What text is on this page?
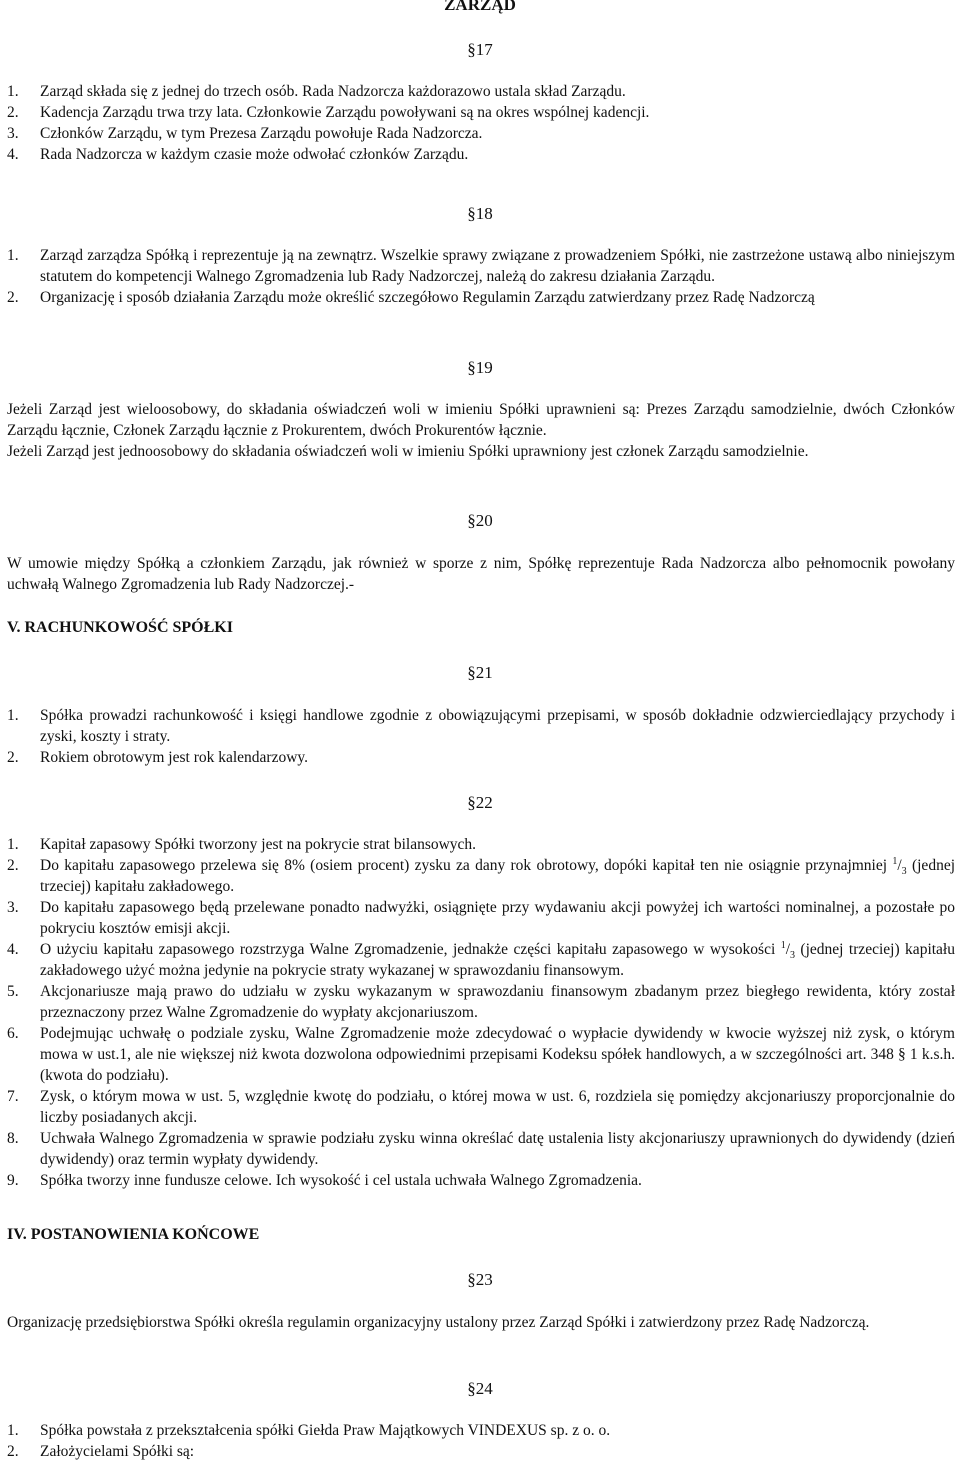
ZARZĄD
§17
1. Zarząd składa się z jednej do trzech osób. Rada Nadzorcza każdorazowo ustala skład Zarządu.
2. Kadencja Zarządu trwa trzy lata. Członkowie Zarządu powoływani są na okres wspólnej kadencji.
3. Członków Zarządu, w tym Prezesa Zarządu powołuje Rada Nadzorcza.
4. Rada Nadzorcza w każdym czasie może odwołać członków Zarządu.
§18
1. Zarząd zarządza Spółką i reprezentuje ją na zewnątrz. Wszelkie sprawy związane z prowadzeniem Spółki, nie zastrzeżone ustawą albo niniejszym statutem do kompetencji Walnego Zgromadzenia lub Rady Nadzorczej, należą do zakresu działania Zarządu.
2. Organizację i sposób działania Zarządu może określić szczegółowo Regulamin Zarządu zatwierdzany przez Radę Nadzorczą
§19
Jeżeli Zarząd jest wieloosobowy, do składania oświadczeń woli w imieniu Spółki uprawnieni są: Prezes Zarządu samodzielnie, dwóch Członków Zarządu łącznie, Członek Zarządu łącznie z Prokurentem, dwóch Prokurentów łącznie.
Jeżeli Zarząd jest jednoosobowy do składania oświadczeń woli w imieniu Spółki uprawniony jest członek Zarządu samodzielnie.
§20
W umowie między Spółką a członkiem Zarządu, jak również w sporze z nim, Spółkę reprezentuje Rada Nadzorcza albo pełnomocnik powołany uchwałą Walnego Zgromadzenia lub Rady Nadzorczej.-
V. RACHUNKOWOŚĆ SPÓŁKI
§21
1. Spółka prowadzi rachunkowość i księgi handlowe zgodnie z obowiązującymi przepisami, w sposób dokładnie odzwierciedlający przychody i zyski, koszty i straty.
2. Rokiem obrotowym jest rok kalendarzowy.
§22
1. Kapitał zapasowy Spółki tworzony jest na pokrycie strat bilansowych.
2. Do kapitału zapasowego przelewa się 8% (osiem procent) zysku za dany rok obrotowy, dopóki kapitał ten nie osiągnie przynajmniej $^1/_3$ (jednej trzeciej) kapitału zakładowego.
3. Do kapitału zapasowego będą przelewane ponadto nadwyżki, osiągnięte przy wydawaniu akcji powyżej ich wartości nominalnej, a pozostałe po pokryciu kosztów emisji akcji.
4. O użyciu kapitału zapasowego rozstrzyga Walne Zgromadzenie, jednakże części kapitału zapasowego w wysokości $^1/_3$ (jednej trzeciej) kapitału zakładowego użyć można jedynie na pokrycie straty wykazanej w sprawozdaniu finansowym.
5. Akcjonariusze mają prawo do udziału w zysku wykazanym w sprawozdaniu finansowym zbadanym przez biegłego rewidenta, który został przeznaczony przez Walne Zgromadzenie do wypłaty akcjonariuszom.
6. Podejmując uchwałę o podziale zysku, Walne Zgromadzenie może zdecydować o wypłacie dywidendy w kwocie wyższej niż zysk, o którym mowa w ust.1, ale nie większej niż kwota dozwolona odpowiednimi przepisami Kodeksu spółek handlowych, a w szczególności art. 348 § 1 k.s.h. (kwota do podziału).
7. Zysk, o którym mowa w ust. 5, względnie kwotę do podziału, o której mowa w ust. 6, rozdziela się pomiędzy akcjonariuszy proporcjonalnie do liczby posiadanych akcji.
8. Uchwała Walnego Zgromadzenia w sprawie podziału zysku winna określać datę ustalenia listy akcjonariuszy uprawnionych do dywidendy (dzień dywidendy) oraz termin wypłaty dywidendy.
9. Spółka tworzy inne fundusze celowe. Ich wysokość i cel ustala uchwała Walnego Zgromadzenia.
IV. POSTANOWIENIA KOŃCOWE
§23
Organizację przedsiębiorstwa Spółki określa regulamin organizacyjny ustalony przez Zarząd Spółki i zatwierdzony przez Radę Nadzorczą.
§24
1. Spółka powstała z przekształcenia spółki Giełda Praw Majątkowych VINDEXUS sp. z o. o.
2. Założycielami Spółki są:
